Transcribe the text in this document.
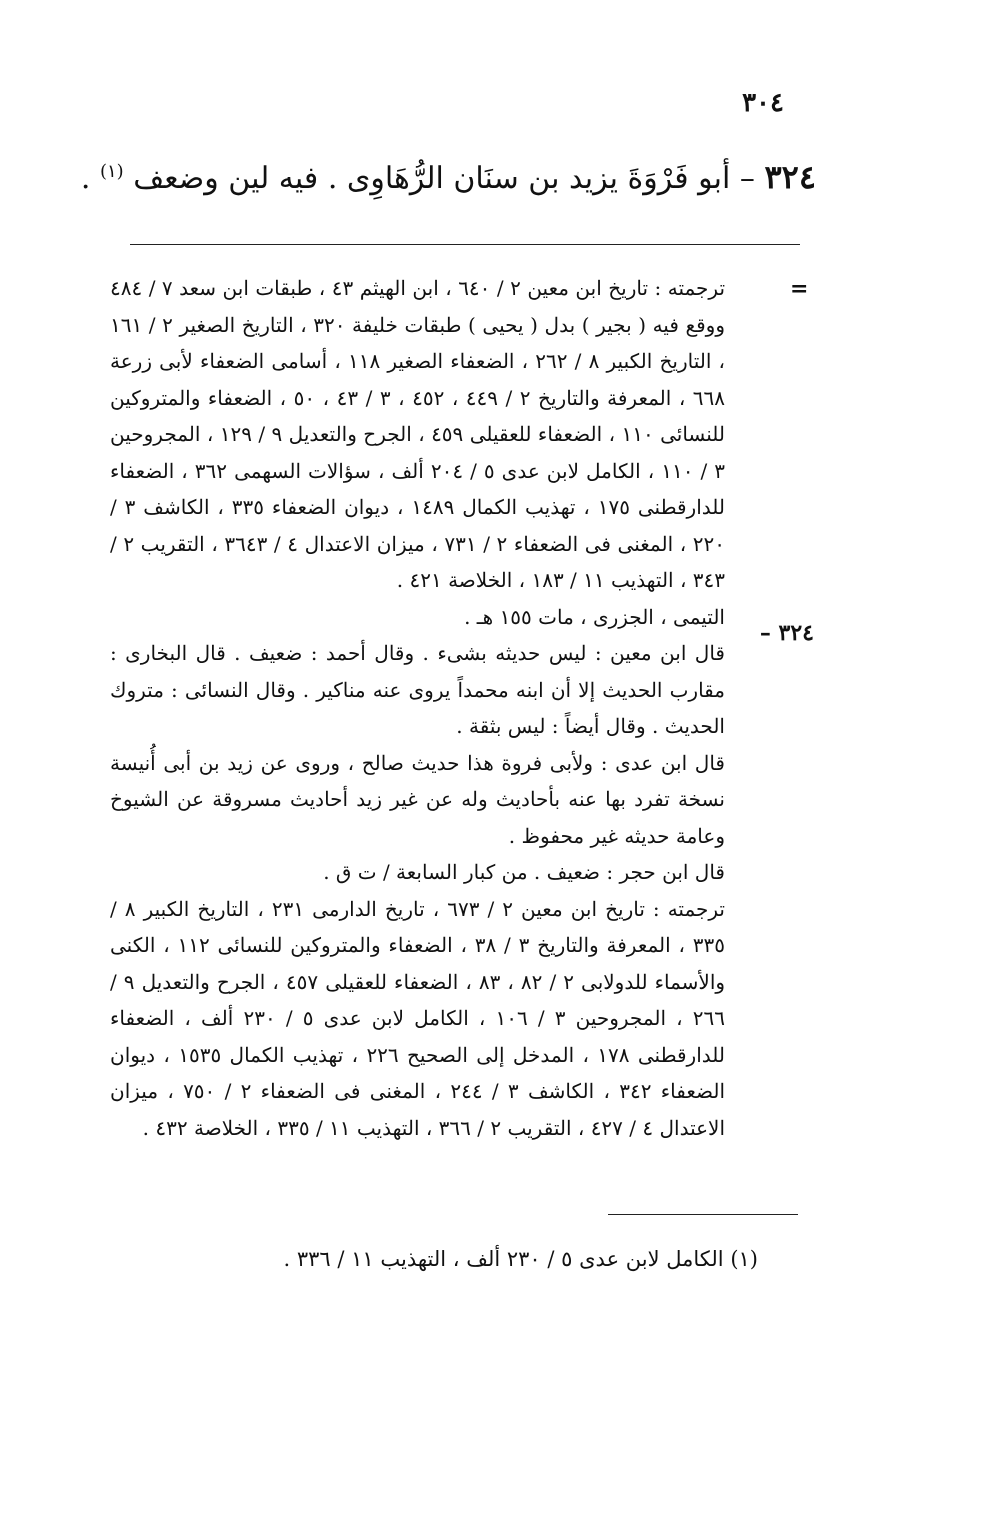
٣٠٤
٣٢٤ – أبو فَرْوَةَ يزيد بن سنَان الرُّهَاوِى . فيه لين وضعف $^{(١)}$ .
=
٣٢٤ –

ترجمته : تاريخ ابن معين ٢ / ٦٤٠ ، ابن الهيثم ٤٣ ، طبقات ابن سعد ٧ / ٤٨٤ ووقع فيه ( بجير ) بدل ( يحيى ) طبقات خليفة ٣٢٠ ، التاريخ الصغير ٢ / ١٦١ ، التاريخ الكبير ٨ / ٢٦٢ ، الضعفاء الصغير ١١٨ ، أسامى الضعفاء لأبى زرعة ٦٦٨ ، المعرفة والتاريخ ٢ / ٤٤٩ ، ٤٥٢ ، ٣ / ٤٣ ، ٥٠ ، الضعفاء والمتروكين للنسائى ١١٠ ، الضعفاء للعقيلى ٤٥٩ ، الجرح والتعديل ٩ / ١٢٩ ، المجروحين ٣ / ١١٠ ، الكامل لابن عدى ٥ / ٢٠٤ ألف ، سؤالات السهمى ٣٦٢ ، الضعفاء للدارقطنى ١٧٥ ، تهذيب الكمال ١٤٨٩ ، ديوان الضعفاء ٣٣٥ ، الكاشف ٣ / ٢٢٠ ، المغنى فى الضعفاء ٢ / ٧٣١ ، ميزان الاعتدال ٤ / ٣٦٤٣ ، التقريب ٢ / ٣٤٣ ، التهذيب ١١ / ١٨٣ ، الخلاصة ٤٢١ .

التيمى ، الجزرى ، مات ١٥٥ هـ .

قال ابن معين : ليس حديثه بشىء . وقال أحمد : ضعيف . قال البخارى : مقارب الحديث إلا أن ابنه محمداً يروى عنه مناكير . وقال النسائى : متروك الحديث . وقال أيضاً : ليس بثقة .

قال ابن عدى : ولأبى فروة هذا حديث صالح ، وروى عن زيد بن أبى أُنيسة نسخة تفرد بها عنه بأحاديث وله عن غير زيد أحاديث مسروقة عن الشيوخ وعامة حديثه غير محفوظ .

قال ابن حجر : ضعيف . من كبار السابعة / ت ق .

ترجمته : تاريخ ابن معين ٢ / ٦٧٣ ، تاريخ الدارمى ٢٣١ ، التاريخ الكبير ٨ / ٣٣٥ ، المعرفة والتاريخ ٣ / ٣٨ ، الضعفاء والمتروكين للنسائى ١١٢ ، الكنى والأسماء للدولابى ٢ / ٨٢ ، ٨٣ ، الضعفاء للعقيلى ٤٥٧ ، الجرح والتعديل ٩ / ٢٦٦ ، المجروحين ٣ / ١٠٦ ، الكامل لابن عدى ٥ / ٢٣٠ ألف ، الضعفاء للدارقطنى ١٧٨ ، المدخل إلى الصحيح ٢٢٦ ، تهذيب الكمال ١٥٣٥ ، ديوان الضعفاء ٣٤٢ ، الكاشف ٣ / ٢٤٤ ، المغنى فى الضعفاء ٢ / ٧٥٠ ، ميزان الاعتدال ٤ / ٤٢٧ ، التقريب ٢ / ٣٦٦ ، التهذيب ١١ / ٣٣٥ ، الخلاصة ٤٣٢ .

(١) الكامل لابن عدى ٥ / ٢٣٠ ألف ، التهذيب ١١ / ٣٣٦ .
